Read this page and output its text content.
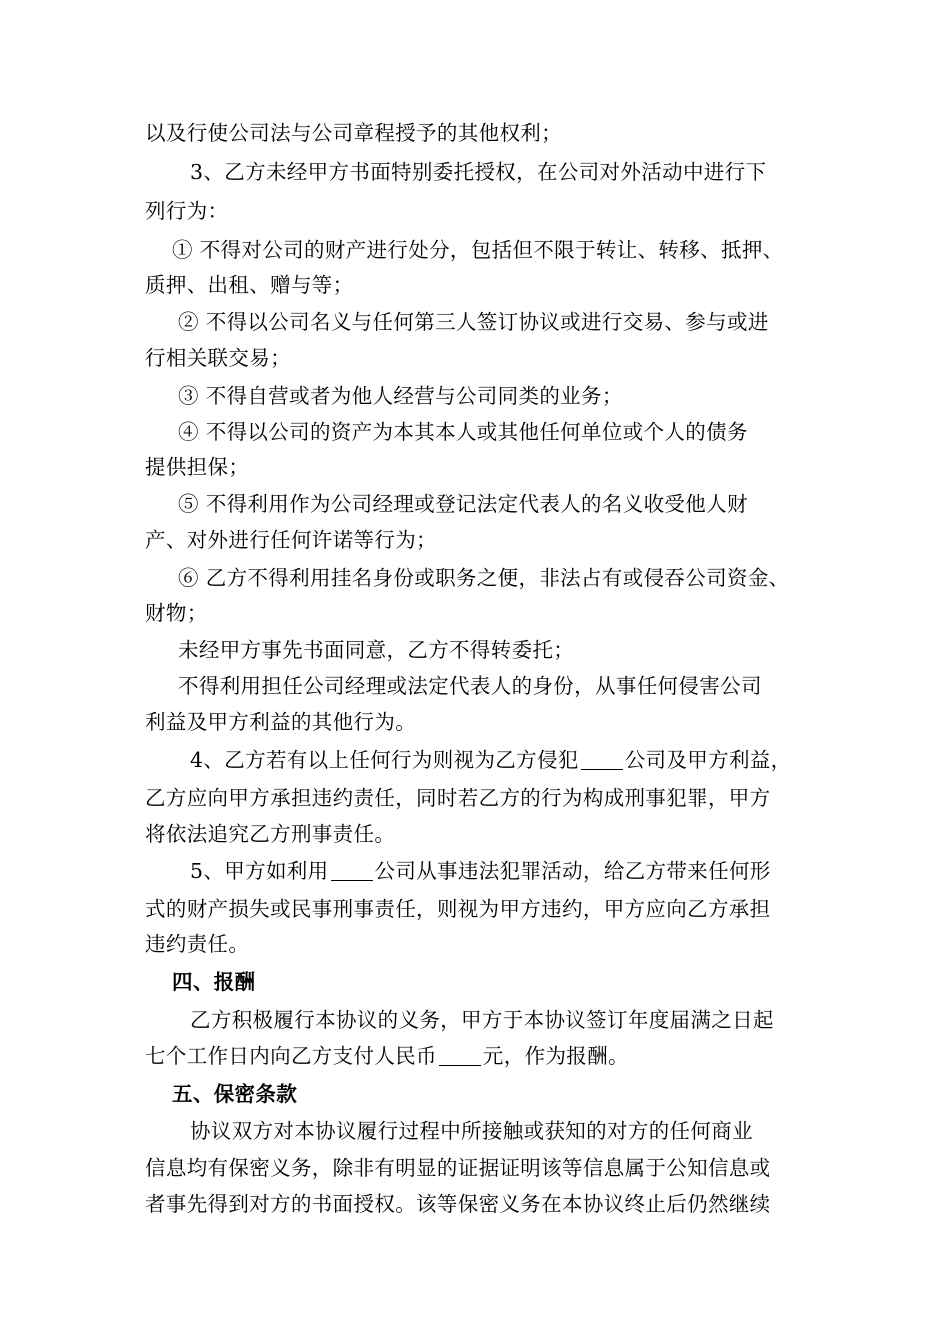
以及行使公司法与公司章程授予的其他权利；
3、乙方未经甲方书面特别委托授权，在公司对外活动中进行下
列行为：
① 不得对公司的财产进行处分，包括但不限于转让、转移、抵押、
质押、出租、赠与等；
② 不得以公司名义与任何第三人签订协议或进行交易、参与或进
行相关联交易；
③ 不得自营或者为他人经营与公司同类的业务；
④ 不得以公司的资产为本其本人或其他任何单位或个人的债务
提供担保；
⑤ 不得利用作为公司经理或登记法定代表人的名义收受他人财
产、对外进行任何许诺等行为；
⑥ 乙方不得利用挂名身份或职务之便，非法占有或侵吞公司资金、
财物；
未经甲方事先书面同意，乙方不得转委托；
不得利用担任公司经理或法定代表人的身份，从事任何侵害公司
利益及甲方利益的其他行为。
4、乙方若有以上任何行为则视为乙方侵犯 公司及甲方利益，
乙方应向甲方承担违约责任，同时若乙方的行为构成刑事犯罪，甲方
将依法追究乙方刑事责任。
5、甲方如利用 公司从事违法犯罪活动，给乙方带来任何形
式的财产损失或民事刑事责任，则视为甲方违约，甲方应向乙方承担
违约责任。
四、报酬
乙方积极履行本协议的义务，甲方于本协议签订年度届满之日起
七个工作日内向乙方支付人民币 元，作为报酬。
五、保密条款
协议双方对本协议履行过程中所接触或获知的对方的任何商业
信息均有保密义务，除非有明显的证据证明该等信息属于公知信息或
者事先得到对方的书面授权。该等保密义务在本协议终止后仍然继续
